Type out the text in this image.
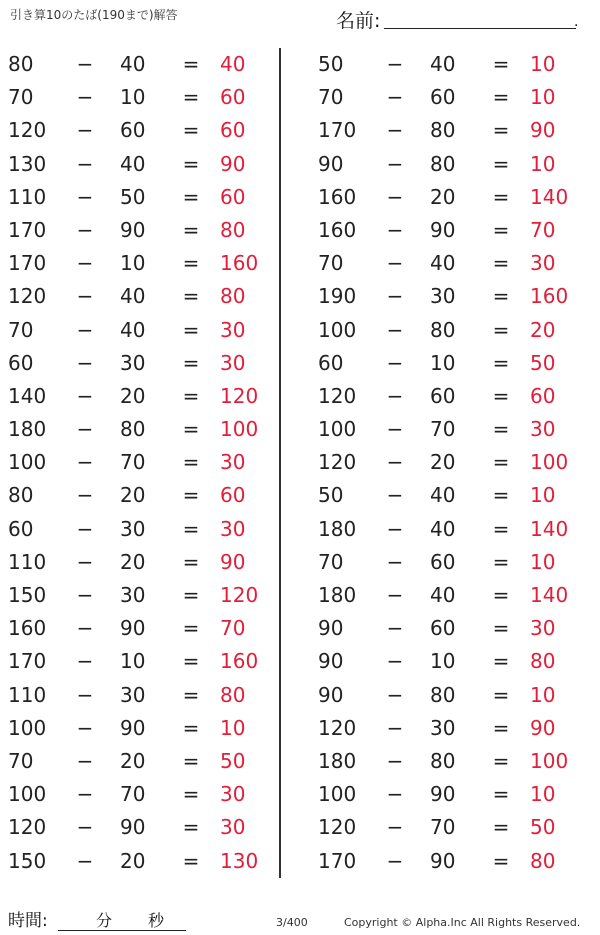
引き算10のたば(190まで)解答	名前:	.
80	− 40	= 40
70	− 10	= 60
120	− 60	= 60
130	− 40	= 90
110	− 50	= 60
170	− 90	= 80
170	− 10	= 160
120	− 40	= 80
70	− 40	= 30
60	− 30	= 30
140	− 20	= 120
180	− 80	= 100
100	− 70	= 30
80	− 20	= 60
60	− 30	= 30
110	− 20	= 90
150	− 30	= 120
160	− 90	= 70
170	− 10	= 160
110	− 30	= 80
100	− 90	= 10
70	− 20	= 50
100	− 70	= 30
120	− 90	= 30
150	− 20	= 130
50	− 40	= 10
70	− 60	= 10
170	− 80	= 90
90	− 80	= 10
160	− 20	= 140
160	− 90	= 70
70	− 40	= 30
190	− 30	= 160
100	− 80	= 20
60	− 10	= 50
120	− 60	= 60
100	− 70	= 30
120	− 20	= 100
50	− 40	= 10
180	− 40	= 140
70	− 60	= 10
180	− 40	= 140
90	− 60	= 30
90	− 10	= 80
90	− 80	= 10
120	− 30	= 90
180	− 80	= 100
100	− 90	= 10
120	− 70	= 50
170	− 90	= 80
時間:	分 秒	3/400	Copyright © Alpha.Inc All Rights Reserved.
